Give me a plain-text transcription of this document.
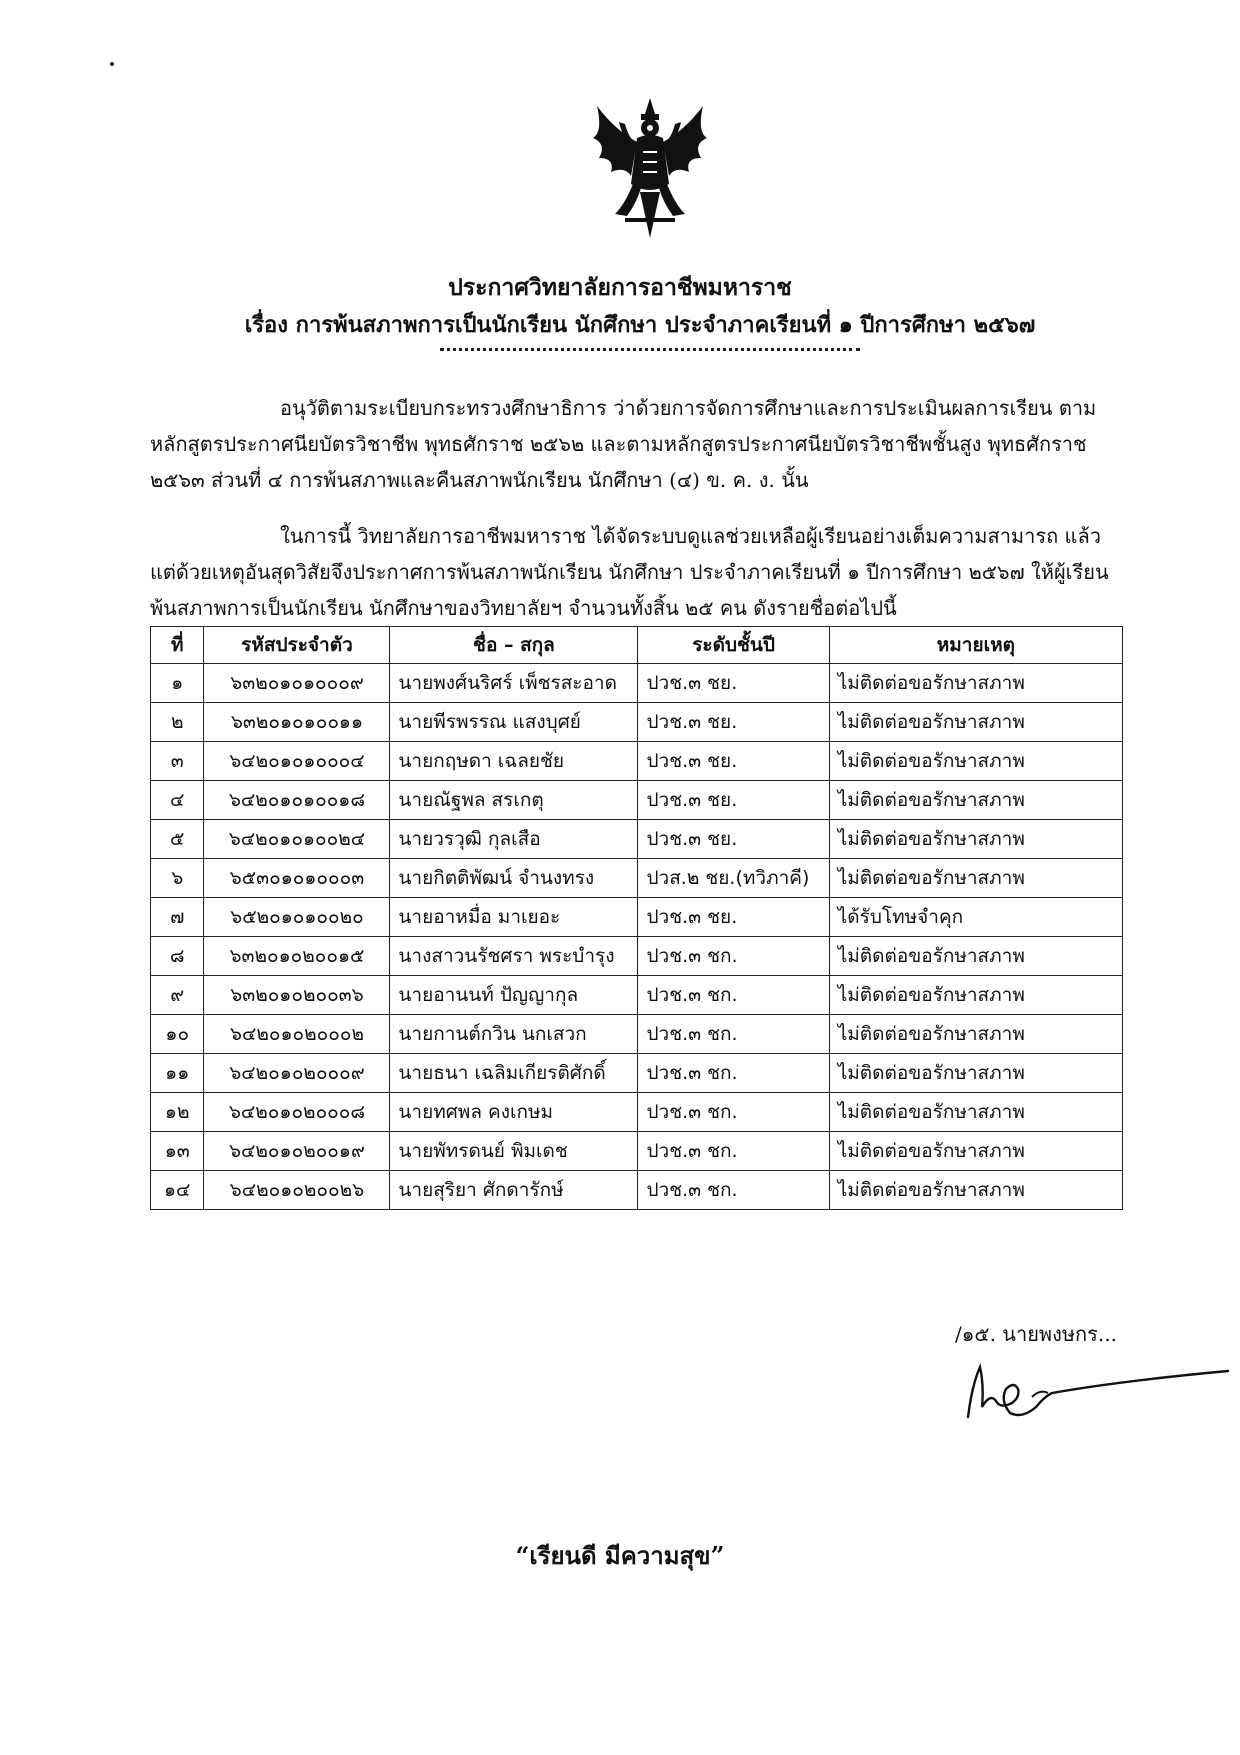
ประกาศวิทยาลัยการอาชีพมหาราช
เรื่อง การพ้นสภาพการเป็นนักเรียน นักศึกษา ประจำภาคเรียนที่ ๑ ปีการศึกษา ๒๕๖๗

อนุวัติตามระเบียบกระทรวงศึกษาธิการ ว่าด้วยการจัดการศึกษาและการประเมินผลการเรียน ตามหลักสูตรประกาศนียบัตรวิชาชีพ พุทธศักราช ๒๕๖๒ และตามหลักสูตรประกาศนียบัตรวิชาชีพชั้นสูง พุทธศักราช ๒๕๖๓ ส่วนที่ ๔ การพ้นสภาพและคืนสภาพนักเรียน นักศึกษา (๔) ข. ค. ง. นั้น

ในการนี้ วิทยาลัยการอาชีพมหาราช ได้จัดระบบดูแลช่วยเหลือผู้เรียนอย่างเต็มความสามารถ แล้วแต่ด้วยเหตุอันสุดวิสัยจึงประกาศการพ้นสภาพนักเรียน นักศึกษา ประจำภาคเรียนที่ ๑ ปีการศึกษา ๒๕๖๗ ให้ผู้เรียนพ้นสภาพการเป็นนักเรียน นักศึกษาของวิทยาลัยฯ จำนวนทั้งสิ้น ๒๕ คน ดังรายชื่อต่อไปนี้

ที่	รหัสประจำตัว	ชื่อ – สกุล	ระดับชั้นปี	หมายเหตุ
๑	๖๓๒๐๑๐๑๐๐๐๙	นายพงศ์นริศร์ เพ็ชรสะอาด	ปวช.๓ ชย.	ไม่ติดต่อขอรักษาสภาพ
๒	๖๓๒๐๑๐๑๐๐๑๑	นายพีรพรรณ แสงบุศย์	ปวช.๓ ชย.	ไม่ติดต่อขอรักษาสภาพ
๓	๖๔๒๐๑๐๑๐๐๐๔	นายกฤษดา เฉลยชัย	ปวช.๓ ชย.	ไม่ติดต่อขอรักษาสภาพ
๔	๖๔๒๐๑๐๑๐๐๑๘	นายณัฐพล สรเกตุ	ปวช.๓ ชย.	ไม่ติดต่อขอรักษาสภาพ
๕	๖๔๒๐๑๐๑๐๐๒๔	นายวรวุฒิ กุลเสือ	ปวช.๓ ชย.	ไม่ติดต่อขอรักษาสภาพ
๖	๖๕๓๐๑๐๑๐๐๐๓	นายกิตติพัฒน์ จำนงทรง	ปวส.๒ ชย.(ทวิภาคี)	ไม่ติดต่อขอรักษาสภาพ
๗	๖๕๒๐๑๐๑๐๐๒๐	นายอาหมื่อ มาเยอะ	ปวช.๓ ชย.	ได้รับโทษจำคุก
๘	๖๓๒๐๑๐๒๐๐๑๕	นางสาวนรัชศรา พระบำรุง	ปวช.๓ ชก.	ไม่ติดต่อขอรักษาสภาพ
๙	๖๓๒๐๑๐๒๐๐๓๖	นายอานนท์ ปัญญากุล	ปวช.๓ ชก.	ไม่ติดต่อขอรักษาสภาพ
๑๐	๖๔๒๐๑๐๒๐๐๐๒	นายกานต์กวิน นกเสวก	ปวช.๓ ชก.	ไม่ติดต่อขอรักษาสภาพ
๑๑	๖๔๒๐๑๐๒๐๐๐๙	นายธนา เฉลิมเกียรติศักดิ์	ปวช.๓ ชก.	ไม่ติดต่อขอรักษาสภาพ
๑๒	๖๔๒๐๑๐๒๐๐๐๘	นายทศพล คงเกษม	ปวช.๓ ชก.	ไม่ติดต่อขอรักษาสภาพ
๑๓	๖๔๒๐๑๐๒๐๐๑๙	นายพัทรดนย์ พิมเดช	ปวช.๓ ชก.	ไม่ติดต่อขอรักษาสภาพ
๑๔	๖๔๒๐๑๐๒๐๐๒๖	นายสุริยา ศักดารักษ์	ปวช.๓ ชก.	ไม่ติดต่อขอรักษาสภาพ
/๑๕. นายพงษกร...
“เรียนดี มีความสุข”
